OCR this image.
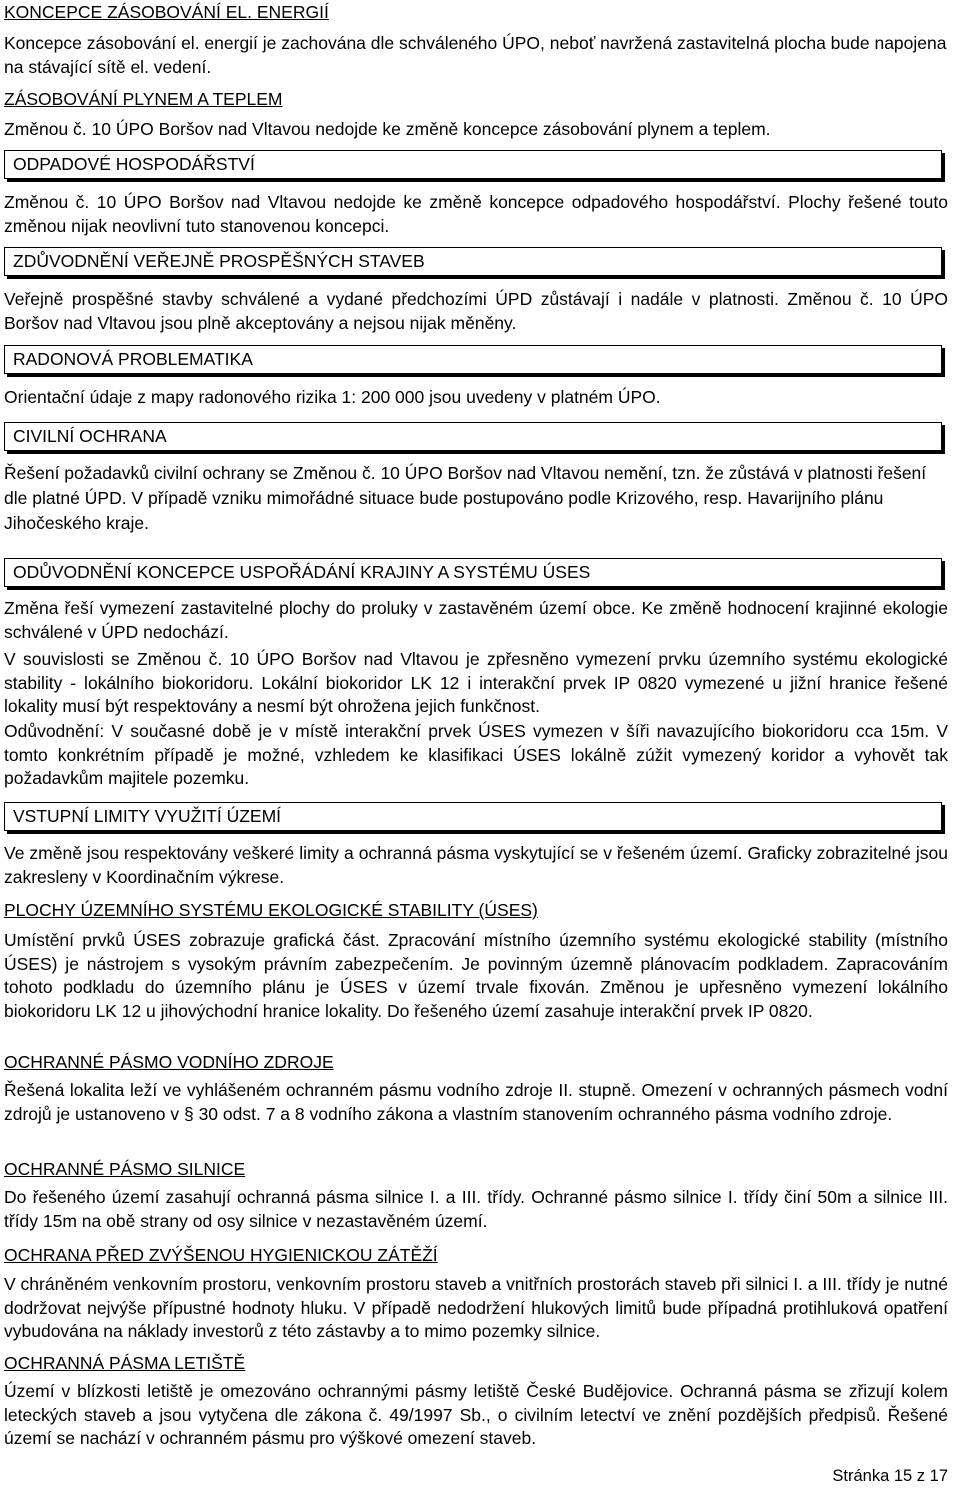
KONCEPCE ZÁSOBOVÁNÍ EL. ENERGIÍ

Koncepce zásobování el. energií je zachována dle schváleného ÚPO, neboť navržená zastavitelná plocha bude napojena na stávající sítě el. vedení.

ZÁSOBOVÁNÍ PLYNEM A TEPLEM

Změnou č. 10 ÚPO Boršov nad Vltavou nedojde ke změně koncepce zásobování plynem a teplem.

ODPADOVÉ HOSPODÁŘSTVÍ

Změnou č. 10 ÚPO Boršov nad Vltavou nedojde ke změně koncepce odpadového hospodářství. Plochy řešené touto změnou nijak neovlivní tuto stanovenou koncepci.

ZDŮVODNĚNÍ VEŘEJNĚ PROSPĚŠNÝCH STAVEB

Veřejně prospěšné stavby schválené a vydané předchozími ÚPD zůstávají i nadále v platnosti. Změnou č. 10 ÚPO Boršov nad Vltavou jsou plně akceptovány a nejsou nijak měněny.

RADONOVÁ PROBLEMATIKA

Orientační údaje z mapy radonového rizika 1: 200 000 jsou uvedeny v platném ÚPO.

CIVILNÍ OCHRANA

Řešení požadavků civilní ochrany se Změnou č. 10 ÚPO Boršov nad Vltavou nemění, tzn. že zůstává v platnosti řešení dle platné ÚPD. V případě vzniku mimořádné situace bude postupováno podle Krizového, resp. Havarijního plánu Jihočeského kraje.

ODŮVODNĚNÍ KONCEPCE USPOŘÁDÁNÍ KRAJINY A SYSTÉMU ÚSES

Změna řeší vymezení zastavitelné plochy do proluky v zastavěném území obce. Ke změně hodnocení krajinné ekologie schválené v ÚPD nedochází.

V souvislosti se Změnou č. 10 ÚPO Boršov nad Vltavou je zpřesněno vymezení prvku územního systému ekologické stability - lokálního biokoridoru. Lokální biokoridor LK 12 i interakční prvek IP 0820 vymezené u jižní hranice řešené lokality musí být respektovány a nesmí být ohrožena jejich funkčnost.

Odůvodnění: V současné době je v místě interakční prvek ÚSES vymezen v šíři navazujícího biokoridoru cca 15m. V tomto konkrétním případě je možné, vzhledem ke klasifikaci ÚSES lokálně zúžit vymezený koridor a vyhovět tak požadavkům majitele pozemku.

VSTUPNÍ LIMITY VYUŽITÍ ÚZEMÍ

Ve změně jsou respektovány veškeré limity a ochranná pásma vyskytující se v řešeném území. Graficky zobrazitelné jsou zakresleny v Koordinačním výkrese.

PLOCHY ÚZEMNÍHO SYSTÉMU EKOLOGICKÉ STABILITY (ÚSES)

Umístění prvků ÚSES zobrazuje grafická část. Zpracování místního územního systému ekologické stability (místního ÚSES) je nástrojem s vysokým právním zabezpečením. Je povinným územně plánovacím podkladem. Zapracováním tohoto podkladu do územního plánu je ÚSES v území trvale fixován. Změnou je upřesněno vymezení lokálního biokoridoru LK 12 u jihovýchodní hranice lokality. Do řešeného území zasahuje interakční prvek IP 0820.

OCHRANNÉ PÁSMO VODNÍHO ZDROJE

Řešená lokalita leží ve vyhlášeném ochranném pásmu vodního zdroje II. stupně. Omezení v ochranných pásmech vodní zdrojů je ustanoveno v § 30 odst. 7 a 8 vodního zákona a vlastním stanovením ochranného pásma vodního zdroje.

OCHRANNÉ PÁSMO SILNICE

Do řešeného území zasahují ochranná pásma silnice I. a III. třídy. Ochranné pásmo silnice I. třídy činí 50m a silnice III. třídy 15m na obě strany od osy silnice v nezastavěném území.

OCHRANA PŘED ZVÝŠENOU HYGIENICKOU ZÁTĚŽÍ

V chráněném venkovním prostoru, venkovním prostoru staveb a vnitřních prostorách staveb při silnici I. a III. třídy je nutné dodržovat nejvýše přípustné hodnoty hluku. V případě nedodržení hlukových limitů bude případná protihluková opatření vybudována na náklady investorů z této zástavby a to mimo pozemky silnice.

OCHRANNÁ PÁSMA LETIŠTĚ

Území v blízkosti letiště je omezováno ochrannými pásmy letiště České Budějovice. Ochranná pásma se zřizují kolem leteckých staveb a jsou vytyčena dle zákona č. 49/1997 Sb., o civilním letectví ve znění pozdějších předpisů. Řešené území se nachází v ochranném pásmu pro výškové omezení staveb.

Stránka 15 z 17
